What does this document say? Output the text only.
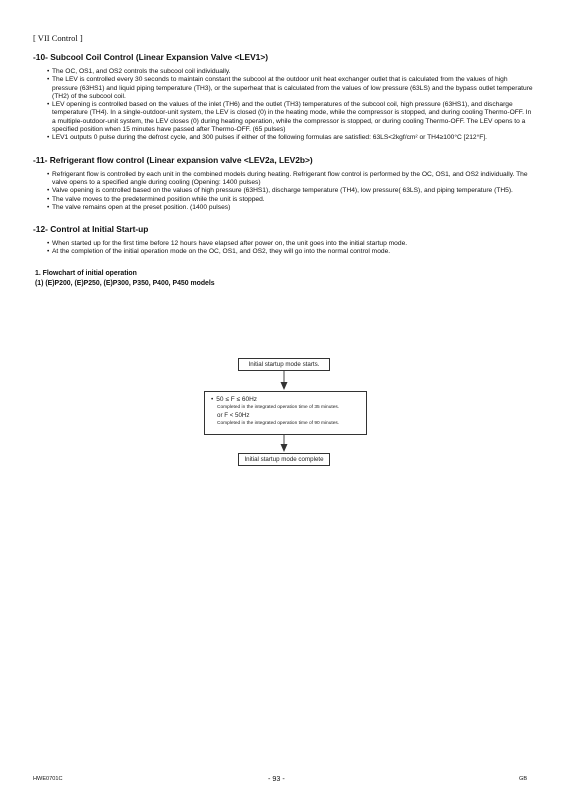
[ VII Control ]
-10- Subcool Coil Control (Linear Expansion Valve <LEV1>)
• The OC, OS1, and OS2 controls the subcool coil individually.
• The LEV is controlled every 30 seconds to maintain constant the subcool at the outdoor unit heat exchanger outlet that is calculated from the values of high pressure (63HS1) and liquid piping temperature (TH3), or the superheat that is calculated from the values of low pressure (63LS) and the bypass outlet temperature (TH2) of the subcool coil.
• LEV opening is controlled based on the values of the inlet (TH6) and the outlet (TH3) temperatures of the subcool coil, high pressure (63HS1), and discharge temperature (TH4). In a single-outdoor-unit system, the LEV is closed (0) in the heating mode, while the compressor is stopped, and during cooling Thermo-OFF. In a multiple-outdoor-unit system, the LEV closes (0) during heating operation, while the compressor is stopped, or during cooling Thermo-OFF. The LEV opens to a specified position when 15 minutes have passed after Thermo-OFF. (65 pulses)
• LEV1 outputs 0 pulse during the defrost cycle, and 300 pulses if either of the following formulas are satisfied: 63LS<2kgf/cm² or TH4≥100°C [212°F].
-11- Refrigerant flow control (Linear expansion valve <LEV2a, LEV2b>)
• Refrigerant flow is controlled by each unit in the combined models during heating. Refrigerant flow control is performed by the OC, OS1, and OS2 individually. The valve opens to a specified angle during cooling (Opening: 1400 pulses)
• Valve opening is controlled based on the values of high pressure (63HS1), discharge temperature (TH4), low pressure( 63LS), and piping temperature (TH5).
• The valve moves to the predetermined position while the unit is stopped.
• The valve remains open at the preset position. (1400 pulses)
-12- Control at Initial Start-up
• When started up for the first time before 12 hours have elapsed after power on, the unit goes into the initial startup mode.
• At the completion of the initial operation mode on the OC, OS1, and OS2, they will go into the normal control mode.
1. Flowchart of initial operation
(1) (E)P200, (E)P250, (E)P300, P350, P400, P450 models
Initial startup mode starts.
• 50 ≤ F ≤ 60Hz
Completed in the integrated operation time of 35 minutes.
or F < 50Hz
Completed in the integrated operation time of 90 minutes.
Initial startup mode complete
HWE0701C	- 93 -	GB
